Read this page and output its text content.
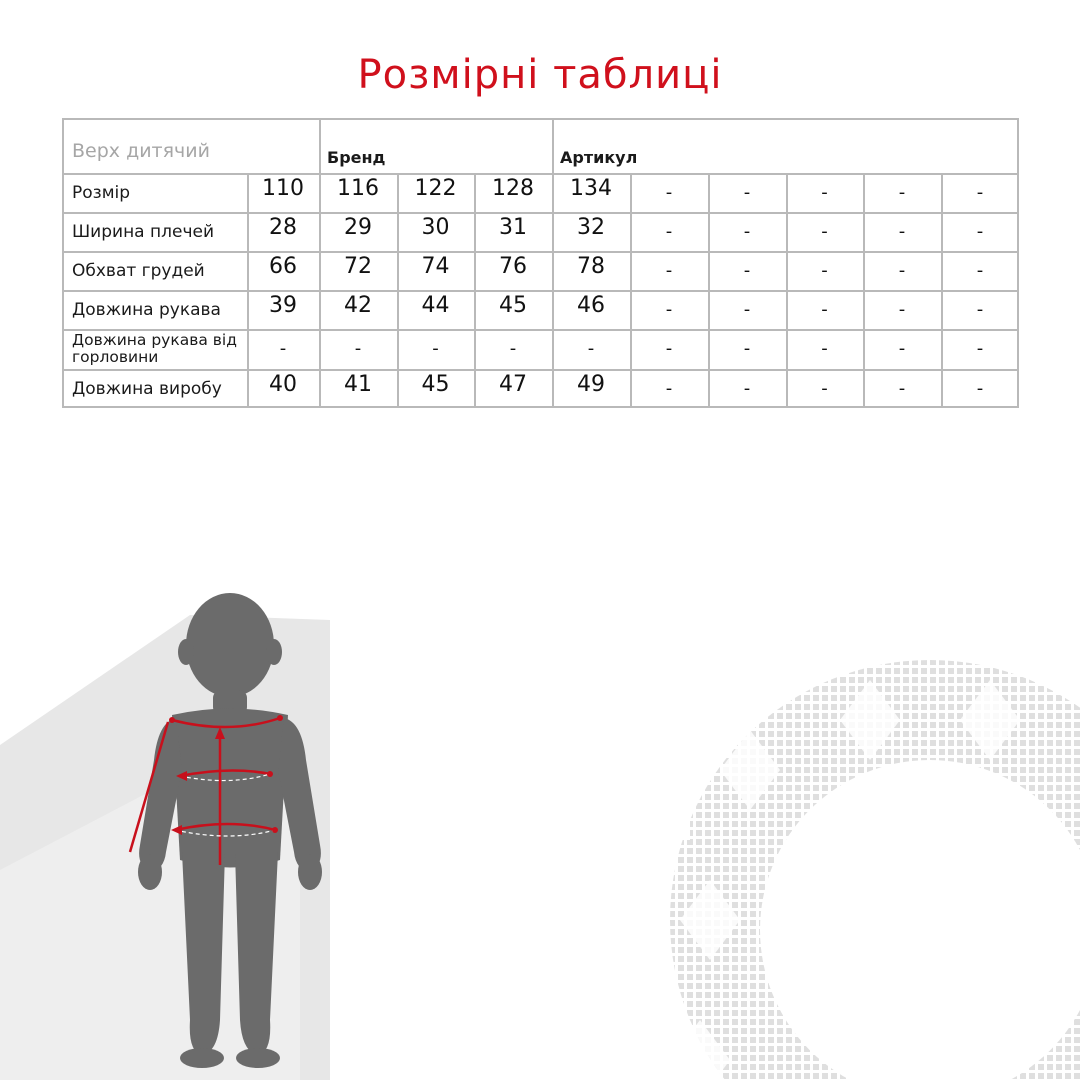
Розмірні таблиці
Верх дитячий	Бренд	Артикул
Розмір	110	116	122	128	134	-	-	-	-	-
Ширина плечей	28	29	30	31	32	-	-	-	-	-
Обхват грудей	66	72	74	76	78	-	-	-	-	-
Довжина рукава	39	42	44	45	46	-	-	-	-	-
Довжина рукава від горловини	-	-	-	-	-	-	-	-	-	-
Довжина виробу	40	41	45	47	49	-	-	-	-	-
